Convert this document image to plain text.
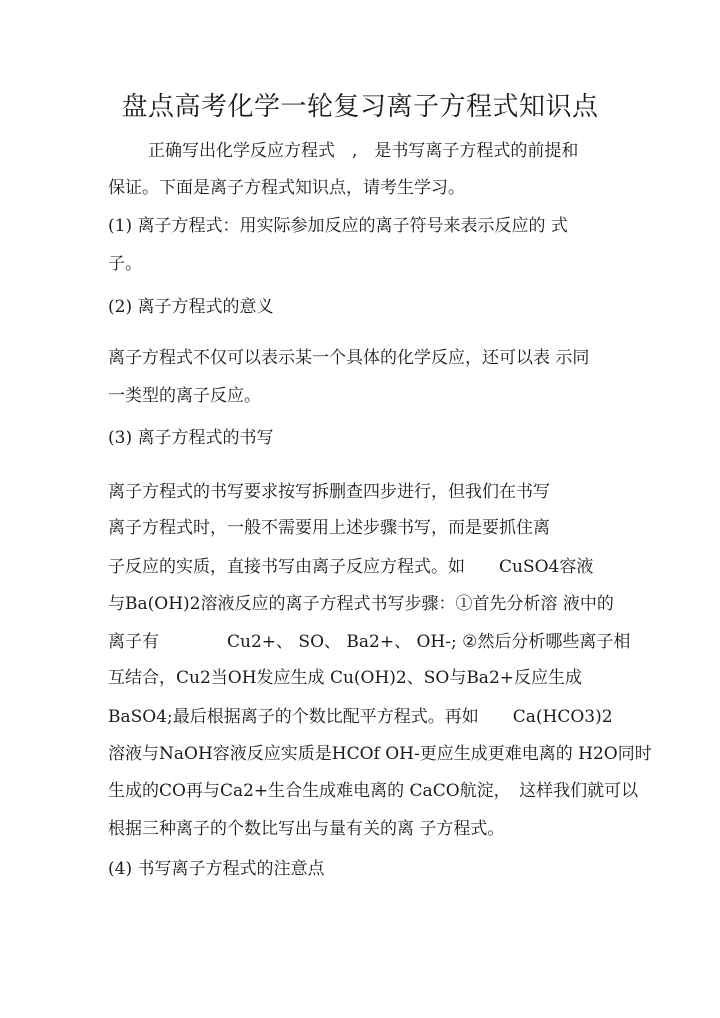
盘点高考化学一轮复习离子方程式知识点
正确写出化学反应方程式　,　是书写离子方程式的前提和
保证。下面是离子方程式知识点，请考生学习。
(1) 离子方程式：用实际参加反应的离子符号来表示反应的 式
子。
(2) 离子方程式的意义
离子方程式不仅可以表示某一个具体的化学反应，还可以表 示同
一类型的离子反应。
(3) 离子方程式的书写
离子方程式的书写要求按写拆删查四步进行，但我们在书写
离子方程式时，一般不需要用上述步骤书写，而是要抓住离
子反应的实质，直接书写由离子反应方程式。如　　CuSO4容液
与Ba(OH)2溶液反应的离子方程式书写步骤：①首先分析溶 液中的
离子有　　　　Cu2+、 SO、 Ba2+、 OH-; ②然后分析哪些离子相
互结合，Cu2当OH发应生成 Cu(OH)2、SO与Ba2+反应生成
BaSO4;最后根据离子的个数比配平方程式。再如　　Ca(HCO3)2
溶液与NaOH容液反应实质是HCOf OH-更应生成更难电离的 H2O同时
生成的CO再与Ca2+生合生成难电离的 CaCO航淀，　这样我们就可以
根据三种离子的个数比写出与量有关的离 子方程式。
(4) 书写离子方程式的注意点
